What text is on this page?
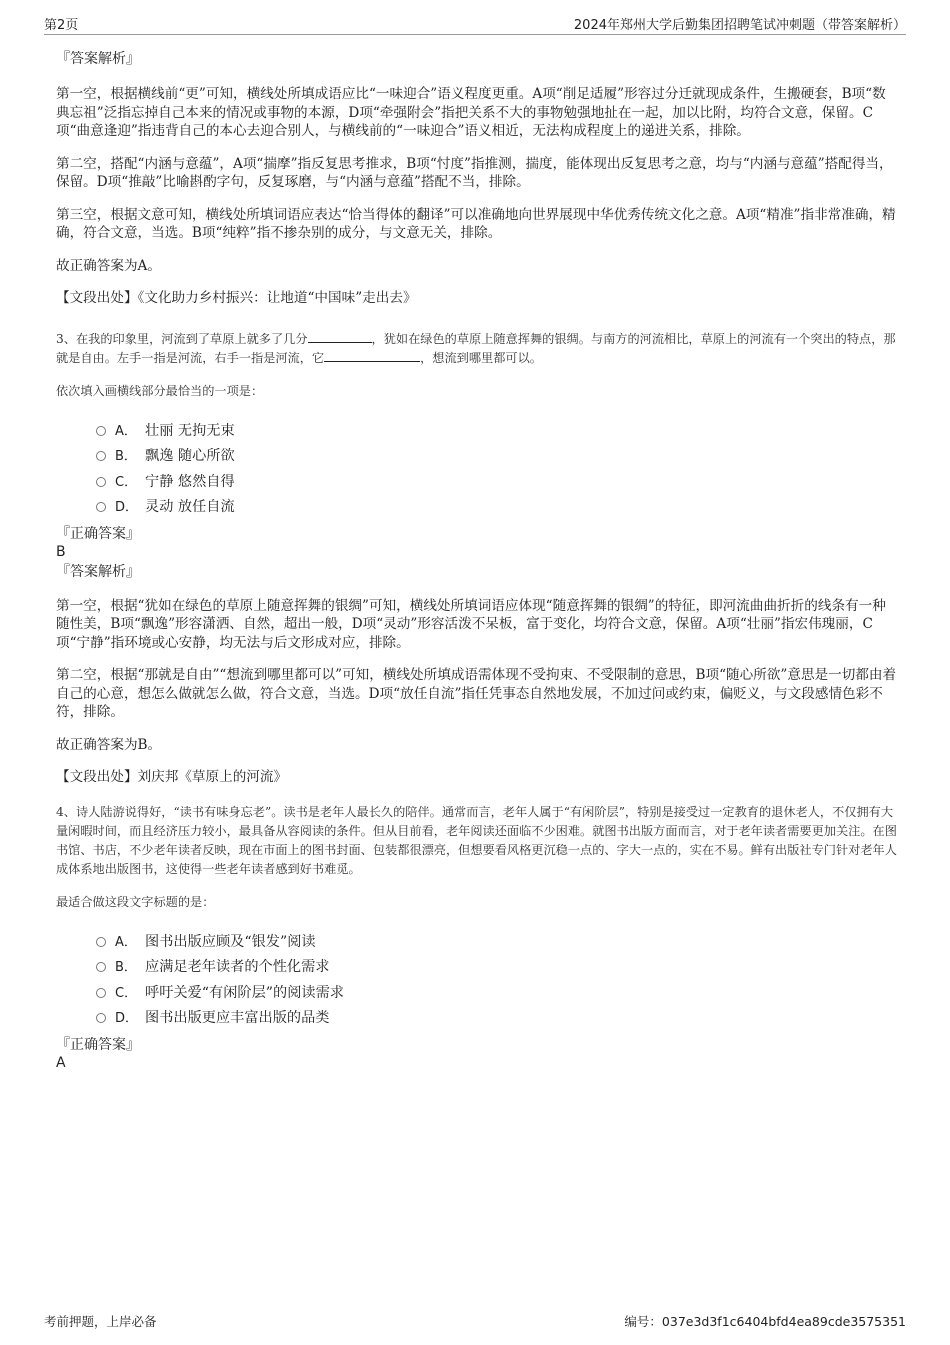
第2页	2024年郑州大学后勤集团招聘笔试冲刺题（带答案解析）

『答案解析』

第一空，根据横线前“更”可知，横线处所填成语应比“一味迎合”语义程度更重。A项“削足适履”形容过分迁就现成条件，生搬硬套，B项“数典忘祖”泛指忘掉自己本来的情况或事物的本源，D项“牵强附会”指把关系不大的事物勉强地扯在一起，加以比附，均符合文意，保留。C项“曲意逢迎”指违背自己的本心去迎合别人，与横线前的“一味迎合”语义相近，无法构成程度上的递进关系，排除。

第二空，搭配“内涵与意蕴”，A项“揣摩”指反复思考推求，B项“忖度”指推测，揣度，能体现出反复思考之意，均与“内涵与意蕴”搭配得当，保留。D项“推敲”比喻斟酌字句，反复琢磨，与“内涵与意蕴”搭配不当，排除。

第三空，根据文意可知，横线处所填词语应表达“恰当得体的翻译”可以准确地向世界展现中华优秀传统文化之意。A项“精准”指非常准确，精确，符合文意，当选。B项“纯粹”指不掺杂别的成分，与文意无关，排除。

故正确答案为A。

【文段出处】《文化助力乡村振兴：让地道“中国味”走出去》

3、在我的印象里，河流到了草原上就多了几分	，犹如在绿色的草原上随意挥舞的银绸。与南方的河流相比，草原上的河流有一个突出的特点，那就是自由。左手一指是河流，右手一指是河流，它	，想流到哪里都可以。

依次填入画横线部分最恰当的一项是：

A． 壮丽 无拘无束
B． 飘逸 随心所欲
C． 宁静 悠然自得
D． 灵动 放任自流

『正确答案』

B

『答案解析』

第一空，根据“犹如在绿色的草原上随意挥舞的银绸”可知，横线处所填词语应体现“随意挥舞的银绸”的特征，即河流曲曲折折的线条有一种随性美，B项“飘逸”形容潇洒、自然，超出一般，D项“灵动”形容活泼不呆板，富于变化，均符合文意，保留。A项“壮丽”指宏伟瑰丽，C项“宁静”指环境或心安静，均无法与后文形成对应，排除。

第二空，根据“那就是自由”“想流到哪里都可以”可知，横线处所填成语需体现不受拘束、不受限制的意思，B项“随心所欲”意思是一切都由着自己的心意，想怎么做就怎么做，符合文意，当选。D项“放任自流”指任凭事态自然地发展，不加过问或约束，偏贬义，与文段感情色彩不符，排除。

故正确答案为B。

【文段出处】刘庆邦《草原上的河流》

4、诗人陆游说得好，“读书有味身忘老”。读书是老年人最长久的陪伴。通常而言，老年人属于“有闲阶层”，特别是接受过一定教育的退休老人，不仅拥有大量闲暇时间，而且经济压力较小，最具备从容阅读的条件。但从目前看，老年阅读还面临不少困难。就图书出版方面而言，对于老年读者需要更加关注。在图书馆、书店，不少老年读者反映，现在市面上的图书封面、包装都很漂亮，但想要看风格更沉稳一点的、字大一点的，实在不易。鲜有出版社专门针对老年人成体系地出版图书，这使得一些老年读者感到好书难觅。

最适合做这段文字标题的是：

A． 图书出版应顾及“银发”阅读
B． 应满足老年读者的个性化需求
C． 呼吁关爱“有闲阶层”的阅读需求
D． 图书出版更应丰富出版的品类

『正确答案』

A

考前押题，上岸必备	编号：037e3d3f1c6404bfd4ea89cde3575351
